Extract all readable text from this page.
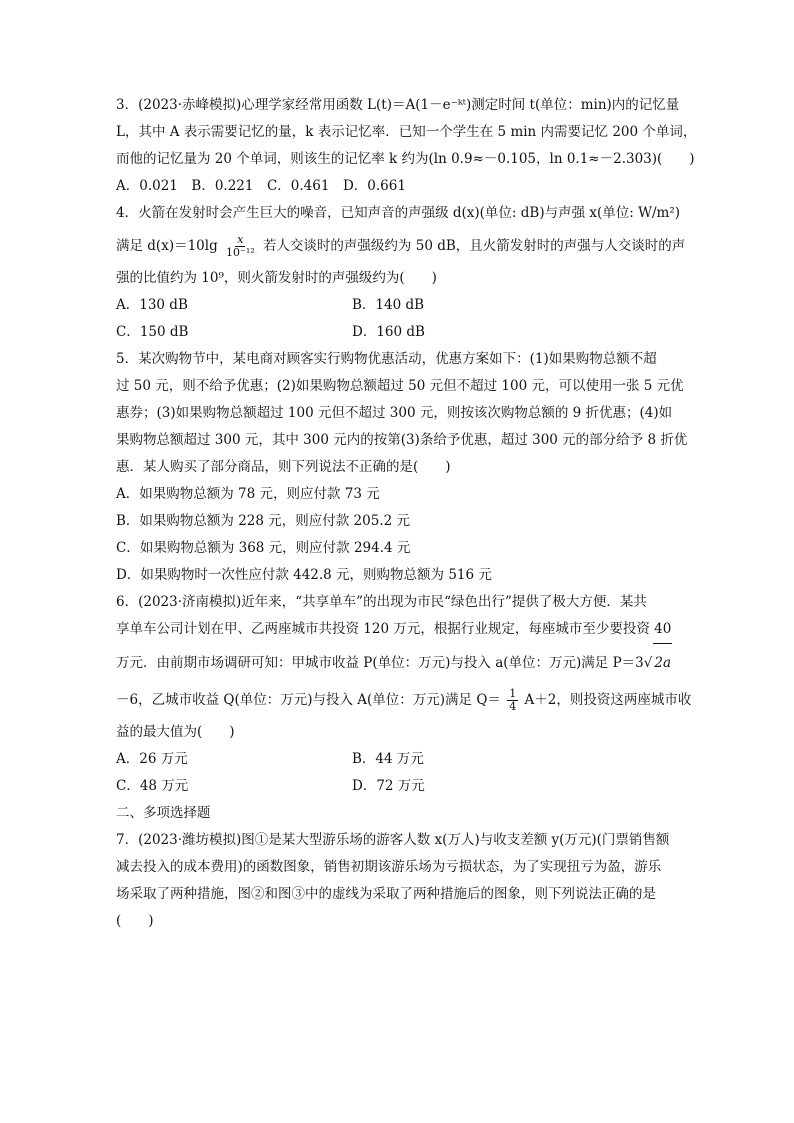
3．(2023·赤峰模拟)心理学家经常用函数 L(t)＝A(1－e⁻ᵏᵗ)测定时间 t(单位：min)内的记忆量
L，其中 A 表示需要记忆的量，k 表示记忆率．已知一个学生在 5 min 内需要记忆 200 个单词，
而他的记忆量为 20 个单词，则该生的记忆率 k 约为(ln 0.9≈－0.105，ln 0.1≈－2.303)(　　)
A．0.021　B．0.221　C．0.461　D．0.661
4．火箭在发射时会产生巨大的噪音，已知声音的声强级 d(x)(单位: dB)与声强 x(单位: W/m²)
满足 $d(x)=10\lg \frac{x}{\text{10⁻¹²}}$ 若人交谈时的声强级约为 50 dB，且火箭发射时的声强与人交谈时的声
强的比值约为 10⁹，则火箭发射时的声强级约为(　　)
A．130 dB	B．140 dB
C．150 dB	D．160 dB
5．某次购物节中，某电商对顾客实行购物优惠活动，优惠方案如下：(1)如果购物总额不超
过 50 元，则不给予优惠；(2)如果购物总额超过 50 元但不超过 100 元，可以使用一张 5 元优
惠券；(3)如果购物总额超过 100 元但不超过 300 元，则按该次购物总额的 9 折优惠；(4)如
果购物总额超过 300 元，其中 300 元内的按第(3)条给予优惠，超过 300 元的部分给予 8 折优
惠．某人购买了部分商品，则下列说法不正确的是(　　)
A．如果购物总额为 78 元，则应付款 73 元
B．如果购物总额为 228 元，则应付款 205.2 元
C．如果购物总额为 368 元，则应付款 294.4 元
D．如果购物时一次性应付款 442.8 元，则购物总额为 516 元
6．(2023·济南模拟)近年来，“共享单车”的出现为市民“绿色出行”提供了极大方便．某共
享单车公司计划在甲、乙两座城市共投资 120 万元，根据行业规定，每座城市至少要投资 40
万元．由前期市场调研可知：甲城市收益 P(单位：万元)与投入 a(单位：万元)满足 P＝3√ 2a
－6，乙城市收益 Q(单位：万元)与投入 A(单位：万元)满足 $Q= \frac{1}{4} A+2$，则投资这两座城市收
益的最大值为(　　)
A．26 万元	B．44 万元
C．48 万元	D．72 万元
二、多项选择题
7．(2023·潍坊模拟)图①是某大型游乐场的游客人数 x(万人)与收支差额 y(万元)(门票销售额
减去投入的成本费用)的函数图象，销售初期该游乐场为亏损状态，为了实现扭亏为盈，游乐
场采取了两种措施，图②和图③中的虚线为采取了两种措施后的图象，则下列说法正确的是
(　　)
